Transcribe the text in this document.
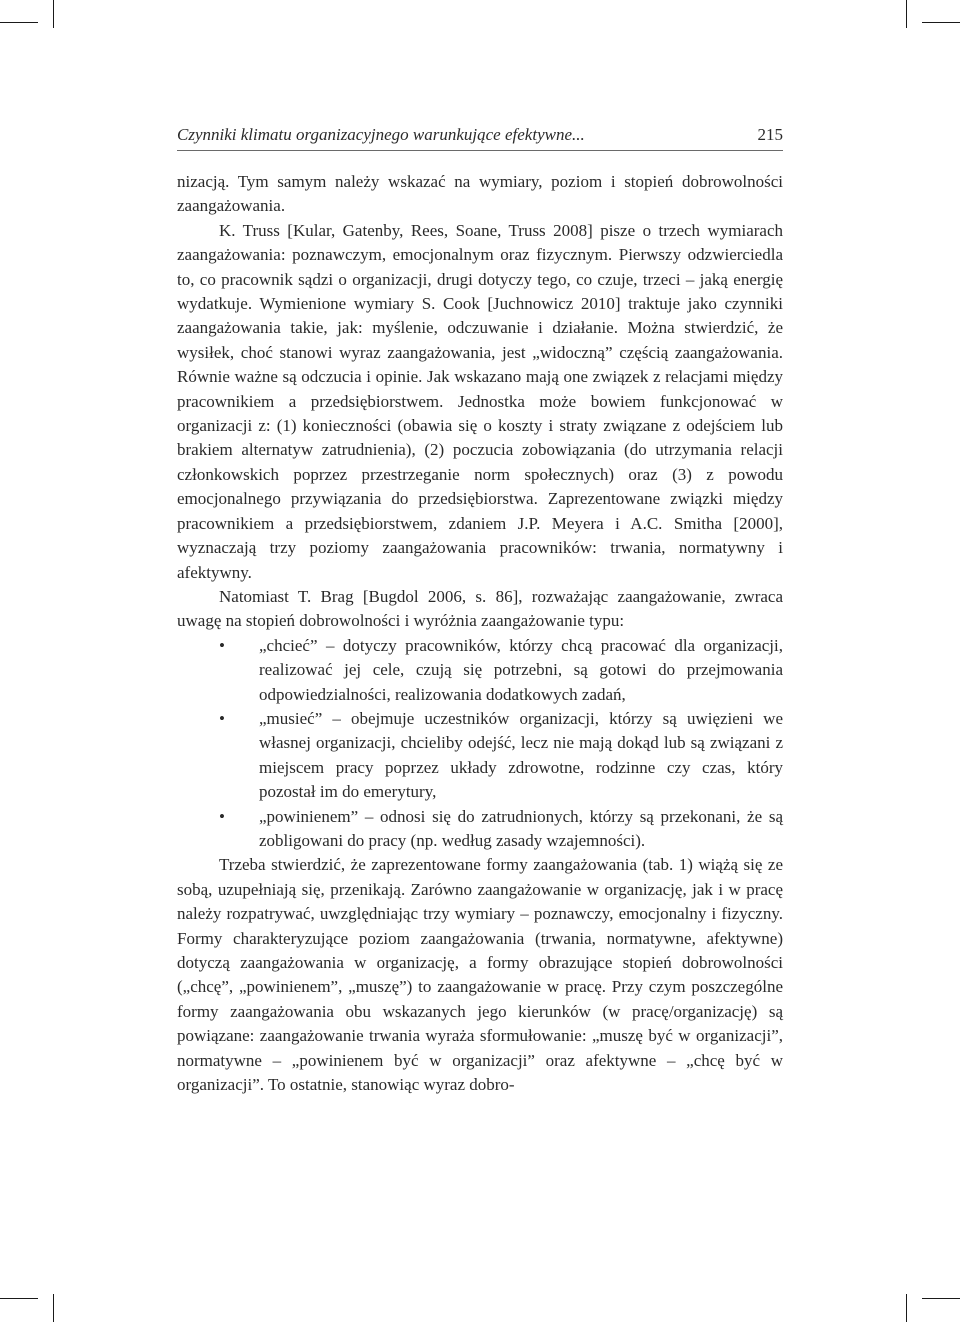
Czynniki klimatu organizacyjnego warunkujące efektywne...	215

nizacją. Tym samym należy wskazać na wymiary, poziom i stopień dobrowolności zaangażowania.

K. Truss [Kular, Gatenby, Rees, Soane, Truss 2008] pisze o trzech wymiarach zaangażowania: poznawczym, emocjonalnym oraz fizycznym. Pierwszy odzwierciedla to, co pracownik sądzi o organizacji, drugi dotyczy tego, co czuje, trzeci – jaką energię wydatkuje. Wymienione wymiary S. Cook [Juchnowicz 2010] traktuje jako czynniki zaangażowania takie, jak: myślenie, odczuwanie i działanie. Można stwierdzić, że wysiłek, choć stanowi wyraz zaangażowania, jest „widoczną” częścią zaangażowania. Równie ważne są odczucia i opinie. Jak wskazano mają one związek z relacjami między pracownikiem a przedsiębiorstwem. Jednostka może bowiem funkcjonować w organizacji z: (1) konieczności (obawia się o koszty i straty związane z odejściem lub brakiem alternatyw zatrudnienia), (2) poczucia zobowiązania (do utrzymania relacji członkowskich poprzez przestrzeganie norm społecznych) oraz (3) z powodu emocjonalnego przywiązania do przedsiębiorstwa. Zaprezentowane związki między pracownikiem a przedsiębiorstwem, zdaniem J.P. Meyera i A.C. Smitha [2000], wyznaczają trzy poziomy zaangażowania pracowników: trwania, normatywny i afektywny.

Natomiast T. Brag [Bugdol 2006, s. 86], rozważając zaangażowanie, zwraca uwagę na stopień dobrowolności i wyróżnia zaangażowanie typu:

• „chcieć” – dotyczy pracowników, którzy chcą pracować dla organizacji, realizować jej cele, czują się potrzebni, są gotowi do przejmowania odpowiedzialności, realizowania dodatkowych zadań,
• „musieć” – obejmuje uczestników organizacji, którzy są uwięzieni we własnej organizacji, chcieliby odejść, lecz nie mają dokąd lub są związani z miejscem pracy poprzez układy zdrowotne, rodzinne czy czas, który pozostał im do emerytury,
• „powinienem” – odnosi się do zatrudnionych, którzy są przekonani, że są zobligowani do pracy (np. według zasady wzajemności).

Trzeba stwierdzić, że zaprezentowane formy zaangażowania (tab. 1) wiążą się ze sobą, uzupełniają się, przenikają. Zarówno zaangażowanie w organizację, jak i w pracę należy rozpatrywać, uwzględniając trzy wymiary – poznawczy, emocjonalny i fizyczny. Formy charakteryzujące poziom zaangażowania (trwania, normatywne, afektywne) dotyczą zaangażowania w organizację, a formy obrazujące stopień dobrowolności („chcę”, „powinienem”, „muszę”) to zaangażowanie w pracę. Przy czym poszczególne formy zaangażowania obu wskazanych jego kierunków (w pracę/organizację) są powiązane: zaangażowanie trwania wyraża sformułowanie: „muszę być w organizacji”, normatywne – „powinienem być w organizacji” oraz afektywne – „chcę być w organizacji”. To ostatnie, stanowiąc wyraz dobro-
